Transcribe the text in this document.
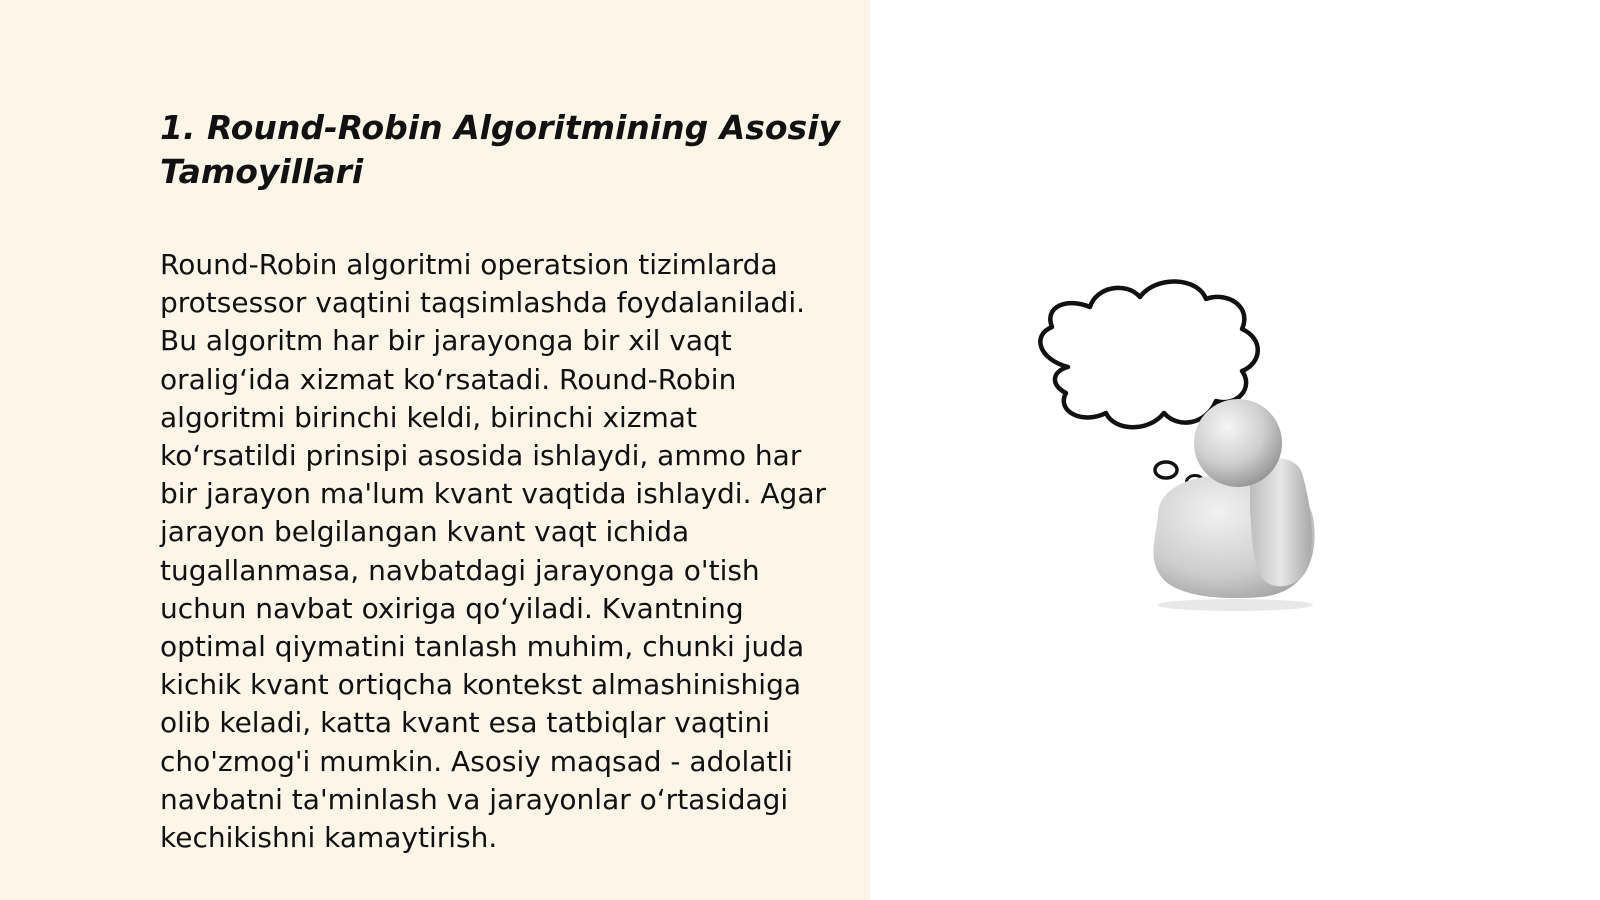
1. Round-Robin Algoritmining Asosiy Tamoyillari

Round-Robin algoritmi operatsion tizimlarda protsessor vaqtini taqsimlashda foydalaniladi. Bu algoritm har bir jarayonga bir xil vaqt oralig‘ida xizmat ko‘rsatadi. Round-Robin algoritmi birinchi keldi, birinchi xizmat ko‘rsatildi prinsipi asosida ishlaydi, ammo har bir jarayon ma'lum kvant vaqtida ishlaydi. Agar jarayon belgilangan kvant vaqt ichida tugallanmasa, navbatdagi jarayonga o'tish uchun navbat oxiriga qo‘yiladi. Kvantning optimal qiymatini tanlash muhim, chunki juda kichik kvant ortiqcha kontekst almashinishiga olib keladi, katta kvant esa tatbiqlar vaqtini cho'zmog'i mumkin. Asosiy maqsad - adolatli navbatni ta'minlash va jarayonlar o‘rtasidagi kechikishni kamaytirish.
